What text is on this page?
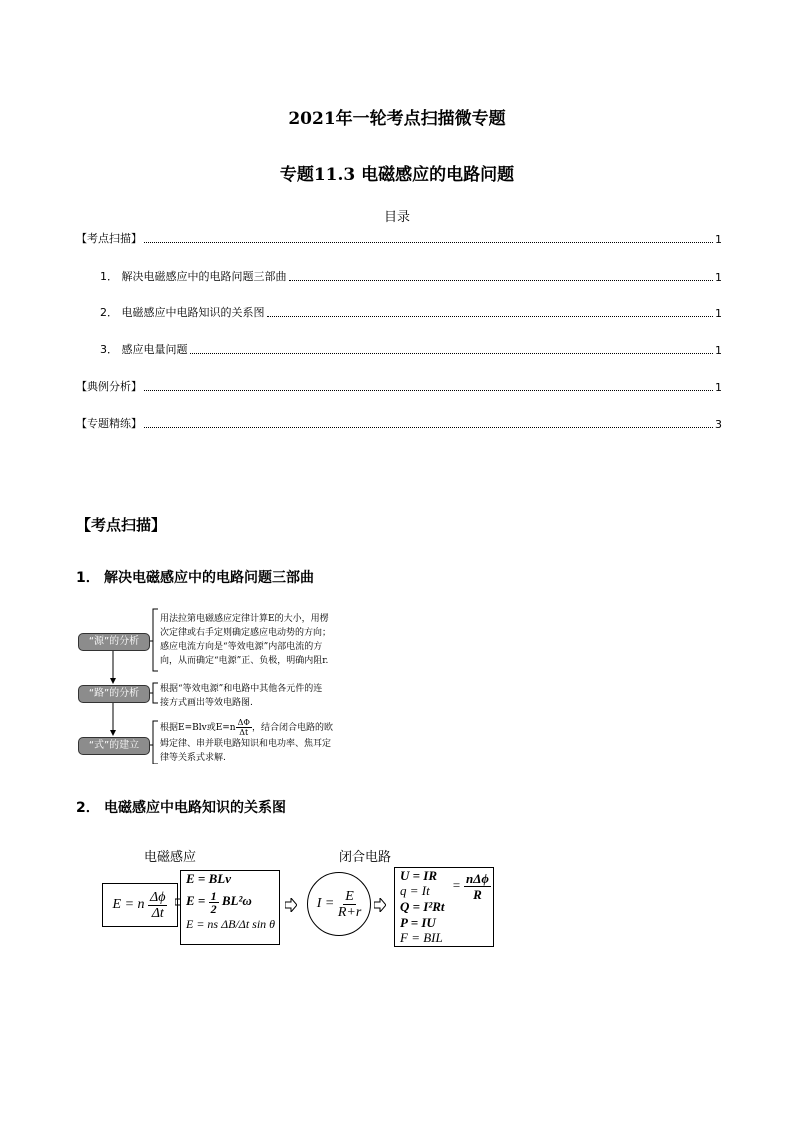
2021年一轮考点扫描微专题
专题11.3 电磁感应的电路问题
目录
【考点扫描】	1
1． 解决电磁感应中的电路问题三部曲	1
2． 电磁感应中电路知识的关系图	1
3． 感应电量问题	1
【典例分析】	1
【专题精练】	3
【考点扫描】
1． 解决电磁感应中的电路问题三部曲
“源”的分析
“路”的分析
“式”的建立
用法拉第电磁感应定律计算E的大小，用楞
次定律或右手定则确定感应电动势的方向；
感应电流方向是“等效电源”内部电流的方
向，从而确定“电源”正、负极，明确内阻r.
根据“等效电源”和电路中其他各元件的连
接方式画出等效电路图.
根据E=Blv或$E=n \frac{\Delta\Phi}{\Delta t}$ ，结合闭合电路的欧
姆定律、串并联电路知识和电功率、焦耳定
律等关系式求解.
2． 电磁感应中电路知识的关系图
电磁感应	闭合电路
E = n
$\frac{\Delta\phi}{\Delta t}$
E = BLv
$E = \frac{1}{2} BL^2\omega$
E = ns ΔB/Δt sin θ
I =
$\frac{E}{R+r}$
U = IR
$q = It = \frac{\text{nΔϕ}}{R}$
Q = I²Rt
P = IU
F = BIL
